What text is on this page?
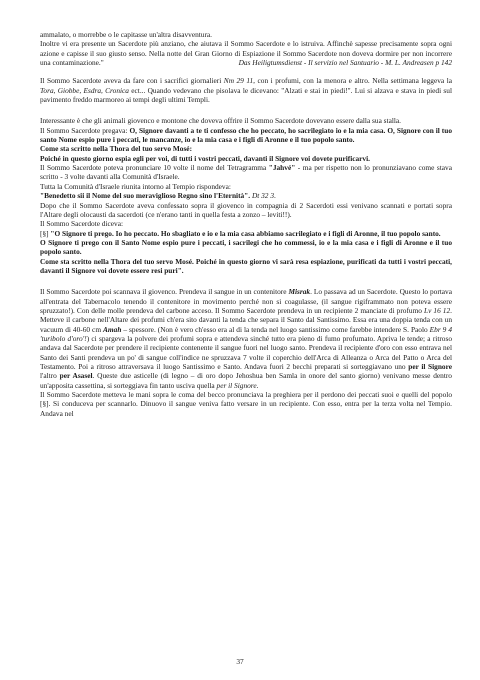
ammalato, o morrebbe o le capitasse un'altra disavventura.
Inoltre vi era presente un Sacerdote più anziano, che aiutava il Sommo Sacerdote e lo istruiva. Affinchè sapesse precisamente sopra ogni azione e capisse il suo giusto senso. Nella notte del Gran Giorno di Espiazione il Sommo Sacerdote non doveva dormire per non incorrere una contaminazione."	Das Heiligtumsdienst - Il servizio nel Santuario - M. L. Andreasen p 142

Il Sommo Sacerdote aveva da fare con i sacrifici giornalieri Nm 29 11, con i profumi, con la menora e altro. Nella settimana leggeva la Tora, Giobbe, Esdra, Cronica ect... Quando vedevano che pisolava le dicevano: "Alzati e stai in piedi!". Lui si alzava e stava in piedi sul pavimento freddo marmoreo ai tempi degli ultimi Templi.

Interessante è che gli animali giovenco e montone che doveva offrire il Sommo Sacerdote dovevano essere dalla sua stalla.
Il Sommo Sacerdote pregava: O, Signore davanti a te ti confesso che ho peccato, ho sacrilegiato io e la mia casa. O, Signore con il tuo santo Nome espio pure i peccati, le mancanze, io e la mia casa e i figli di Aronne e il tuo popolo santo.
Come sta scritto nella Thora del tuo servo Mosé:
Poiché in questo giorno espia egli per voi, di tutti i vostri peccati, davanti il Signore voi dovete purificarvi.
Il Sommo Sacerdote poteva pronunciare 10 volte il nome del Tetragramma "Jahvé" - ma per rispetto non lo pronunziavano come stava scritto - 3 volte davanti alla Comunità d'Israele.
Tutta la Comunità d'Israele riunita intorno al Tempio rispondeva:
"Benedetto sii il Nome del suo meraviglioso Regno sino l'Eternità". Dt 32 3.
Dopo che il Sommo Sacerdote aveva confessato sopra il giovenco in compagnia di 2 Sacerdoti essi venivano scannati e portati sopra l'Altare degli olocausti da sacerdoti (ce n'erano tanti in quella festa a zonzo – leviti!!).
Il Sommo Sacerdote diceva:
[§] "O Signore ti prego. Io ho peccato. Ho sbagliato e io e la mia casa abbiamo sacrilegiato e i figli di Aronne, il tuo popolo santo.
O Signore ti prego con il Santo Nome espio pure i peccati, i sacrilegi che ho commessi, io e la mia casa e i figli di Aronne e il tuo popolo santo.
Come sta scritto nella Thora del tuo servo Mosé. Poiché in questo giorno vi sarà resa espiazione, purificati da tutti i vostri peccati, davanti il Signore voi dovete essere resi puri".

Il Sommo Sacerdote poi scannava il giovenco. Prendeva il sangue in un contenitore Misrak. Lo passava ad un Sacerdote. Questo lo portava all'entrata del Tabernacolo tenendo il contenitore in movimento perché non si coagulasse, (il sangue rigiframmato non poteva essere spruzzato!). Con delle molle prendeva del carbone acceso. Il Sommo Sacerdote prendeva in un recipiente 2 manciate di profumo Lv 16 12. Metteve il carbone nell'Altare dei profumi ch'era sito davanti la tenda che separa il Santo dal Santissimo. Essa era una doppia tenda con un vacuum di 40-60 cm Amah – spessore. (Non è vero ch'esso era al di la tenda nel luogo santissimo come farebbe intendere S. Paolo Ebr 9 4 'turibolo d'oro'!) ci spargeva la polvere dei profumi sopra e attendeva sinché tutto era pieno di fumo profumato. Apriva le tende; a ritroso andava dal Sacerdote per prendere il recipiente contenente il sangue fuori nel luogo santo. Prendeva il recipiente d'oro con esso entrava nel Santo dei Santi prendeva un po' di sangue coll'indice ne spruzzava 7 volte il coperchio dell'Arca di Alleanza o Arca del Patto o Arca del Testamento. Poi a ritroso attraversava il luogo Santissimo e Santo. Andava fuori 2 becchi preparati si sorteggiavano uno per il Signore l'altro per Asasel. Queste due asticelle (di legno – di oro dopo Jehoshua ben Samla in onore del santo giorno) venivano messe dentro un'apposita cassettina, si sorteggiava fin tanto usciva quella per il Signore.
Il Sommo Sacerdote metteva le mani sopra le coma del becco pronunciava la preghiera per il perdono dei peccati suoi e quelli del popolo [§]. Si conduceva per scannarlo. Dinuovo il sangue veniva fatto versare in un recipiente. Con esso, entra per la terza volta nel Tempio. Andava nel

37
